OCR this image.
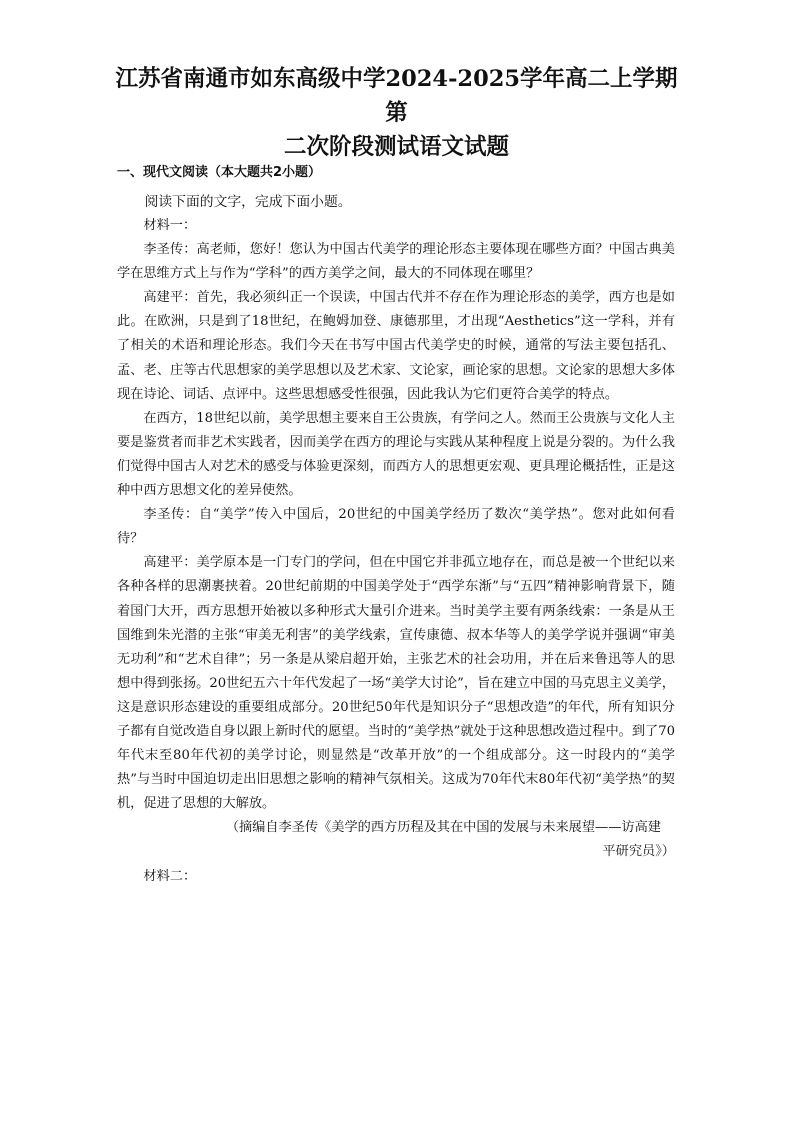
江苏省南通市如东高级中学2024-2025学年高二上学期第
二次阶段测试语文试题
一、现代文阅读（本大题共2小题）

阅读下面的文字，完成下面小题。

材料一：

李圣传：高老师，您好！您认为中国古代美学的理论形态主要体现在哪些方面？中国古典美学在思维方式上与作为“学科”的西方美学之间，最大的不同体现在哪里？

高建平：首先，我必须纠正一个误读，中国古代并不存在作为理论形态的美学，西方也是如此。在欧洲，只是到了18世纪，在鲍姆加登、康德那里，才出现“Aesthetics”这一学科，并有了相关的术语和理论形态。我们今天在书写中国古代美学史的时候，通常的写法主要包括孔、孟、老、庄等古代思想家的美学思想以及艺术家、文论家，画论家的思想。文论家的思想大多体现在诗论、词话、点评中。这些思想感受性很强，因此我认为它们更符合美学的特点。

在西方，18世纪以前，美学思想主要来自王公贵族，有学问之人。然而王公贵族与文化人主要是鉴赏者而非艺术实践者，因而美学在西方的理论与实践从某种程度上说是分裂的。为什么我们觉得中国古人对艺术的感受与体验更深刻，而西方人的思想更宏观、更具理论概括性，正是这种中西方思想文化的差异使然。

李圣传：自“美学”传入中国后，20世纪的中国美学经历了数次“美学热”。您对此如何看待？

高建平：美学原本是一门专门的学问，但在中国它并非孤立地存在，而总是被一个世纪以来各种各样的思潮裹挟着。20世纪前期的中国美学处于“西学东渐”与“五四”精神影响背景下，随着国门大开，西方思想开始被以多种形式大量引介进来。当时美学主要有两条线索：一条是从王国维到朱光潜的主张“审美无利害”的美学线索，宣传康德、叔本华等人的美学学说并强调“审美无功利”和“艺术自律”；另一条是从梁启超开始，主张艺术的社会功用，并在后来鲁迅等人的思想中得到张扬。20世纪五六十年代发起了一场“美学大讨论”，旨在建立中国的马克思主义美学，这是意识形态建设的重要组成部分。20世纪50年代是知识分子“思想改造”的年代，所有知识分子都有自觉改造自身以跟上新时代的愿望。当时的“美学热”就处于这种思想改造过程中。到了70年代末至80年代初的美学讨论，则显然是“改革开放”的一个组成部分。这一时段内的“美学热”与当时中国迫切走出旧思想之影响的精神气氛相关。这成为70年代末80年代初“美学热”的契机，促进了思想的大解放。

（摘编自李圣传《美学的西方历程及其在中国的发展与未来展望——访高建

平研究员》）

材料二：
